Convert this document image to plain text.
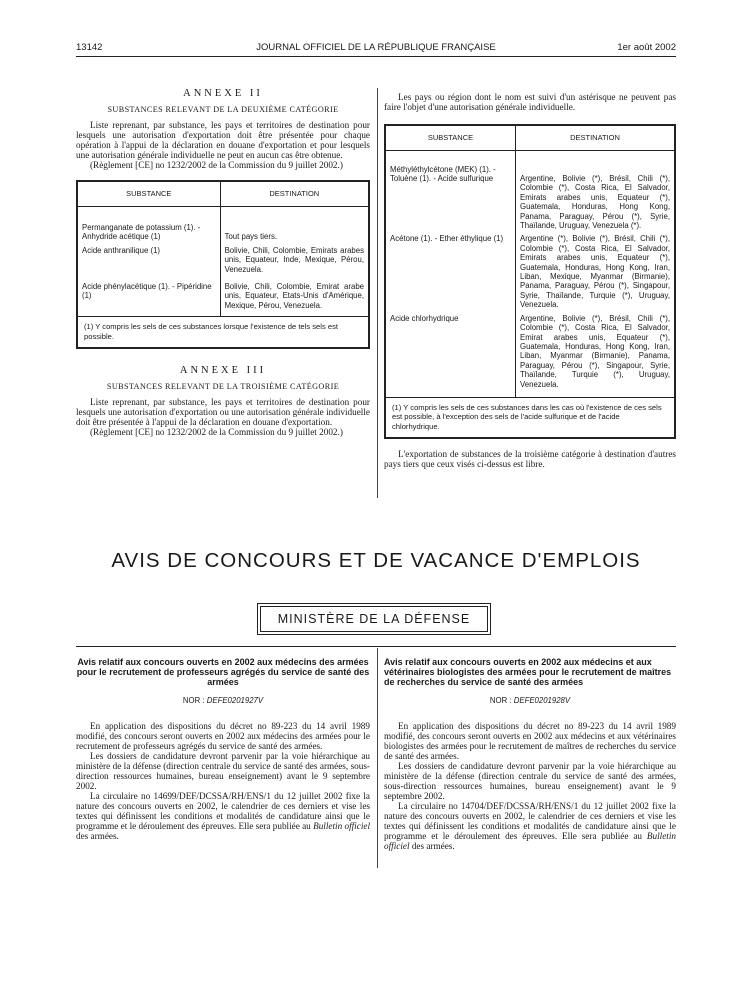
13142	JOURNAL OFFICIEL DE LA RÉPUBLIQUE FRANÇAISE	1er août 2002
ANNEXE II
SUBSTANCES RELEVANT DE LA DEUXIÈME CATÉGORIE

Liste reprenant, par substance, les pays et territoires de destination pour lesquels une autorisation d'exportation doit être présentée pour chaque opération à l'appui de la déclaration en douane d'exportation et pour lesquels une autorisation générale individuelle ne peut en aucun cas être obtenue.

(Règlement [CE] no 1232/2002 de la Commission du 9 juillet 2002.)

SUBSTANCE	DESTINATION

Permanganate de potassium (1). - Anhydride acétique (1)	Tout pays tiers.
Acide anthranilique (1)	Bolivie, Chili, Colombie, Emirats arabes unis, Equateur, Inde, Mexique, Pérou, Venezuela.
Acide phénylacétique (1). - Pipéridine (1)	Bolivie, Chili, Colombie, Emirat arabe unis, Equateur, Etats-Unis d'Amérique, Mexique, Pérou, Venezuela.
(1) Y compris les sels de ces substances lorsque l'existence de tels sels est possible.	
ANNEXE III
SUBSTANCES RELEVANT DE LA TROISIÈME CATÉGORIE

Liste reprenant, par substance, les pays et territoires de destination pour lesquels une autorisation d'exportation ou une autorisation générale individuelle doit être présentée à l'appui de la déclaration en douane d'exportation.

(Règlement [CE] no 1232/2002 de la Commission du 9 juillet 2002.)

Les pays ou région dont le nom est suivi d'un astérisque ne peuvent pas faire l'objet d'une autorisation générale individuelle.

SUBSTANCE	DESTINATION

Méthyléthylcétone (MEK) (1). - Toluène (1). - Acide sulfurique	Argentine, Bolivie (*), Brésil, Chili (*), Colombie (*), Costa Rica, El Salvador, Emirats arabes unis, Equateur (*), Guatemala, Honduras, Hong Kong, Panama, Paraguay, Pérou (*), Syrie, Thaïlande, Uruguay, Venezuela (*).
Acétone (1). - Ether éthylique (1)	Argentine (*), Bolivie (*), Brésil, Chili (*), Colombie (*), Costa Rica, El Salvador, Emirats arabes unis, Equateur (*), Guatemala, Honduras, Hong Kong, Iran, Liban, Mexique, Myanmar (Birmanie), Panama, Paraguay, Pérou (*), Singapour, Syrie, Thaïlande, Turquie (*), Uruguay, Venezuela.
Acide chlorhydrique	Argentine, Bolivie (*), Brésil, Chili (*), Colombie (*), Costa Rica, El Salvador, Emirat arabes unis, Equateur (*), Guatemala, Honduras, Hong Kong, Iran, Liban, Myanmar (Birmanie), Panama, Paraguay, Pérou (*), Singapour, Syrie, Thaïlande, Turquie (*), Uruguay, Venezuela.
(1) Y compris les sels de ces substances dans les cas où l'existence de ces sels est possible, à l'exception des sels de l'acide sulfurique et de l'acide chlorhydrique.	

L'exportation de substances de la troisième catégorie à destination d'autres pays tiers que ceux visés ci-dessus est libre.

AVIS DE CONCOURS ET DE VACANCE D'EMPLOIS
MINISTÈRE DE LA DÉFENSE
Avis relatif aux concours ouverts en 2002 aux médecins des armées pour le recrutement de professeurs agrégés du service de santé des armées
NOR : DEFE0201927V

En application des dispositions du décret no 89-223 du 14 avril 1989 modifié, des concours seront ouverts en 2002 aux médecins des armées pour le recrutement de professeurs agrégés du service de santé des armées.

Les dossiers de candidature devront parvenir par la voie hiérarchique au ministère de la défense (direction centrale du service de santé des armées, sous-direction ressources humaines, bureau enseignement) avant le 9 septembre 2002.

La circulaire no 14699/DEF/DCSSA/RH/ENS/1 du 12 juillet 2002 fixe la nature des concours ouverts en 2002, le calendrier de ces derniers et vise les textes qui définissent les conditions et modalités de candidature ainsi que le programme et le déroulement des épreuves. Elle sera publiée au Bulletin officiel des armées.

Avis relatif aux concours ouverts en 2002 aux médecins et aux vétérinaires biologistes des armées pour le recrutement de maîtres de recherches du service de santé des armées
NOR : DEFE0201928V

En application des dispositions du décret no 89-223 du 14 avril 1989 modifié, des concours seront ouverts en 2002 aux médecins et aux vétérinaires biologistes des armées pour le recrutement de maîtres de recherches du service de santé des armées.

Les dossiers de candidature devront parvenir par la voie hiérarchique au ministère de la défense (direction centrale du service de santé des armées, sous-direction ressources humaines, bureau enseignement) avant le 9 septembre 2002.

La circulaire no 14704/DEF/DCSSA/RH/ENS/1 du 12 juillet 2002 fixe la nature des concours ouverts en 2002, le calendrier de ces derniers et vise les textes qui définissent les conditions et modalités de candidature ainsi que le programme et le déroulement des épreuves. Elle sera publiée au Bulletin officiel des armées.
